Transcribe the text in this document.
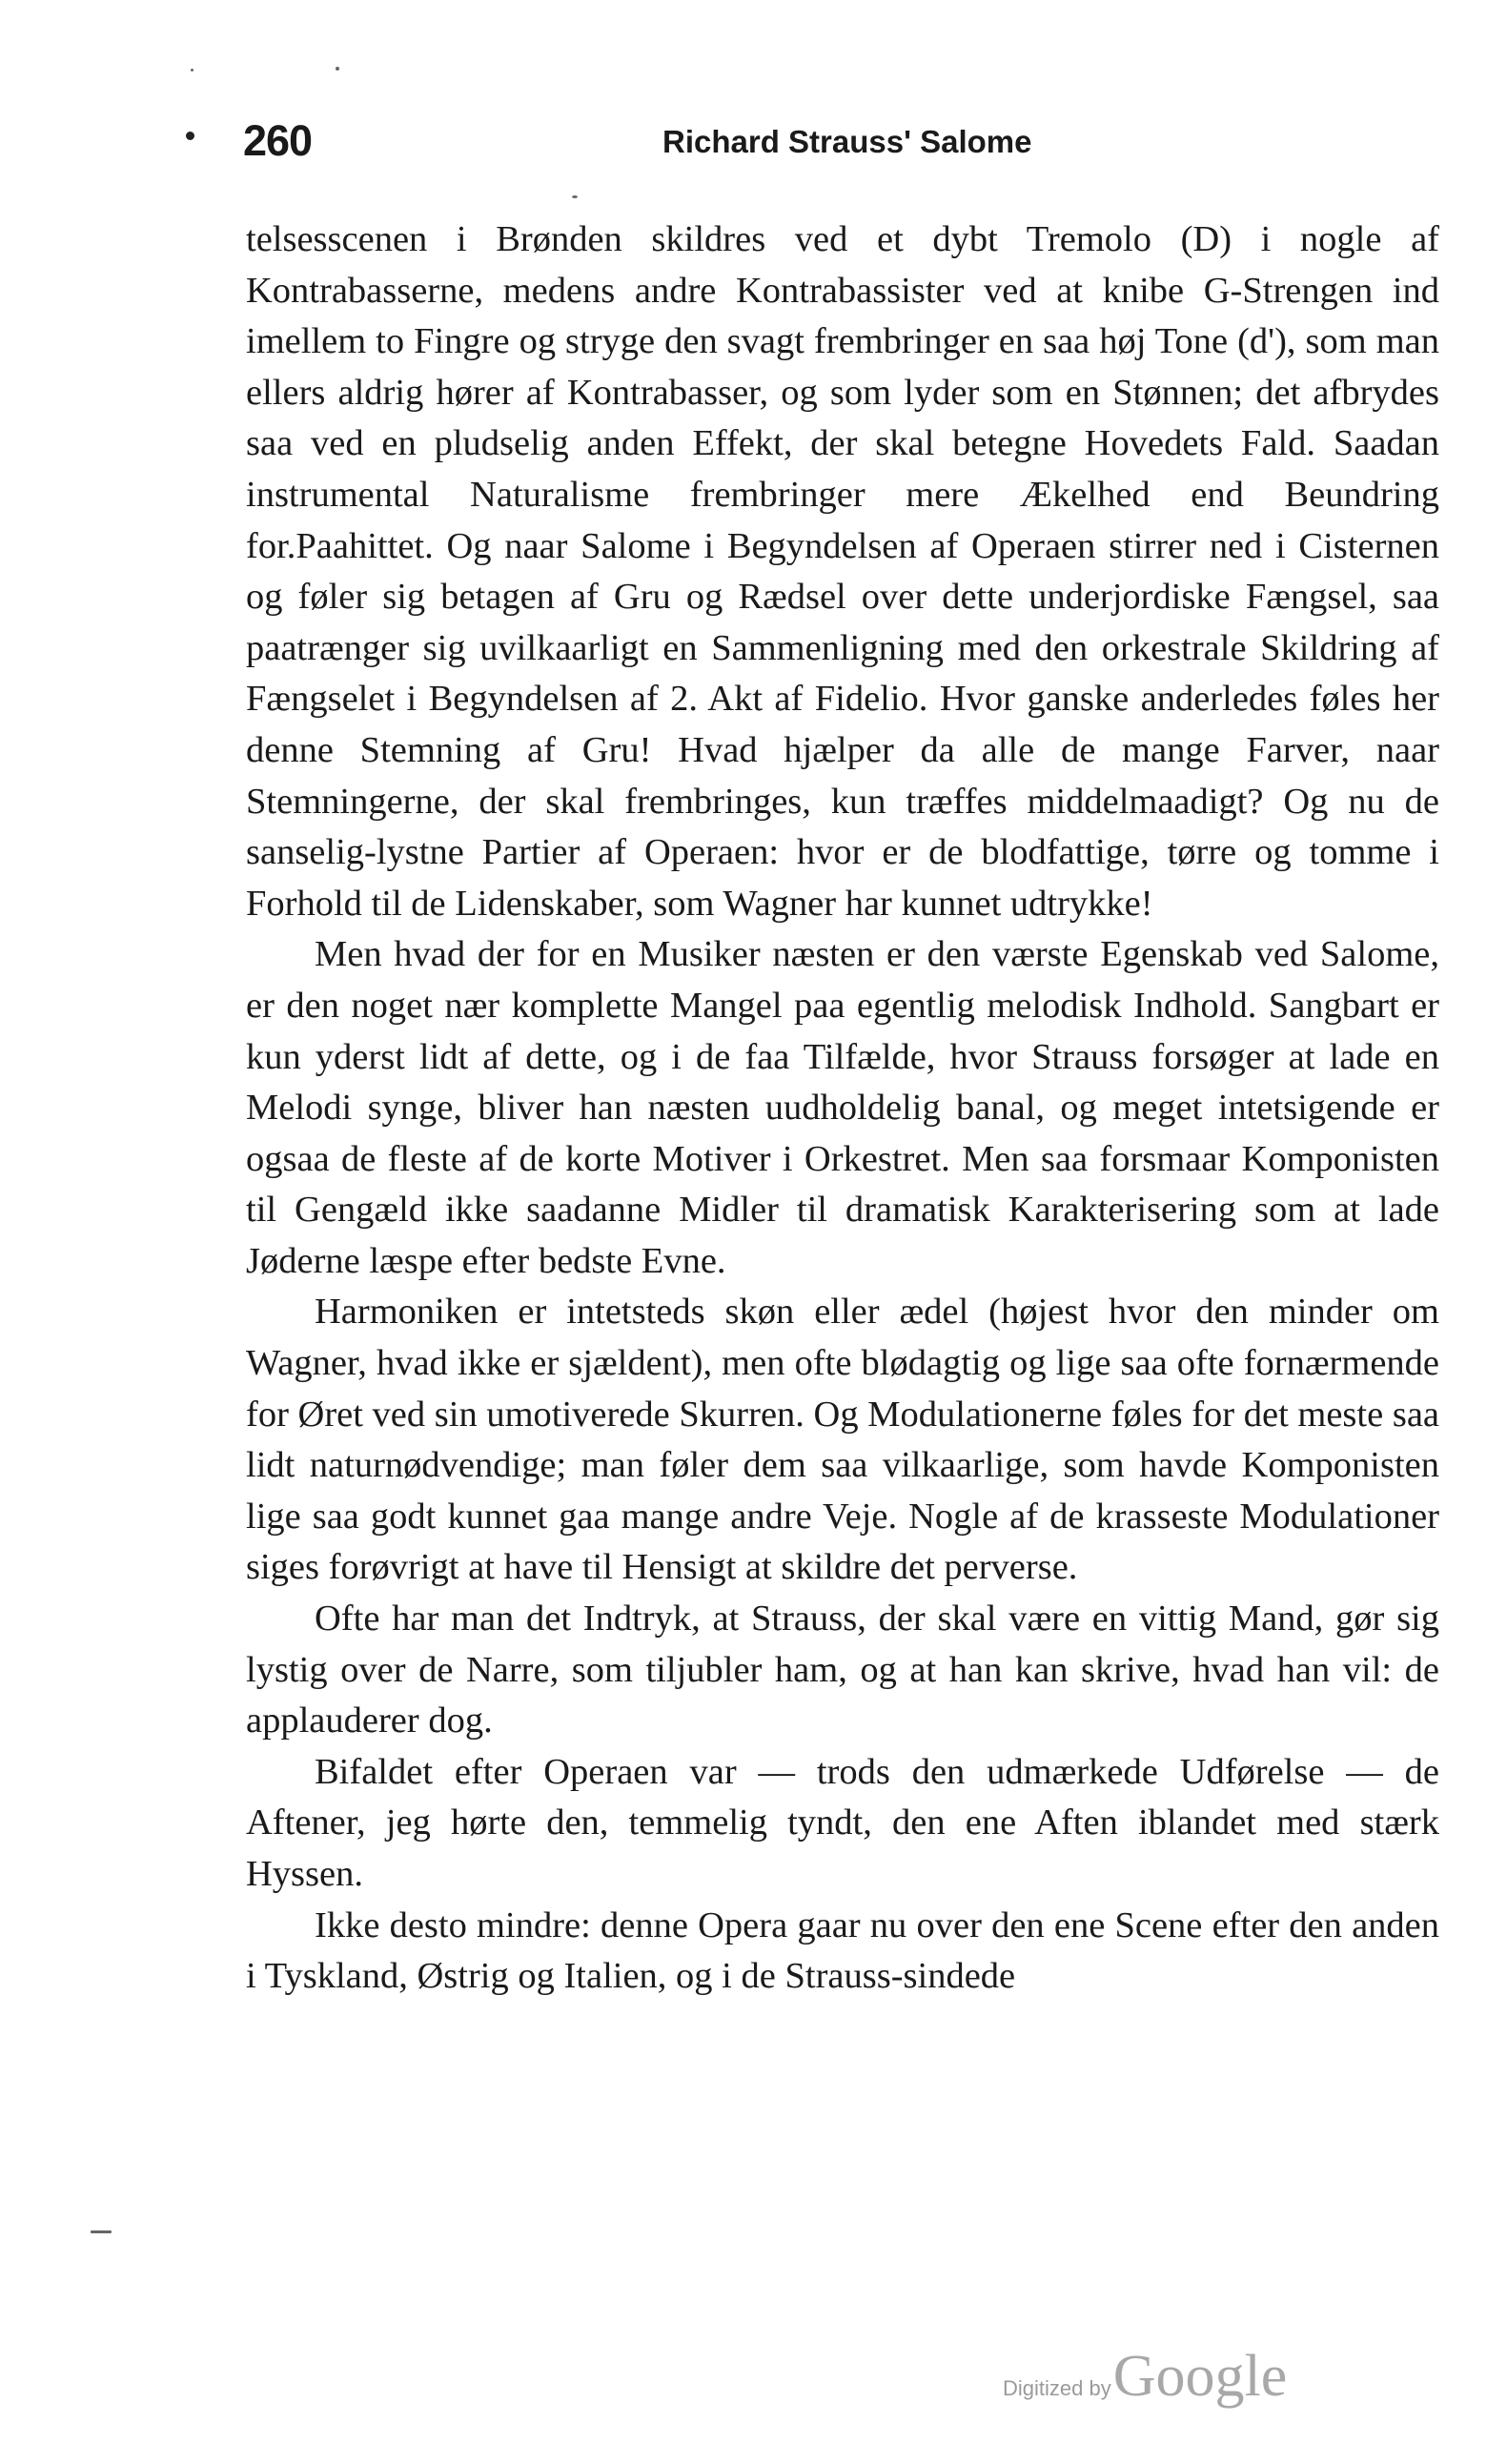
260	Richard Strauss' Salome

telsesscenen i Brønden skildres ved et dybt Tremolo (D) i nogle af Kontrabasserne, medens andre Kontrabassister ved at knibe G-Strengen ind imellem to Fingre og stryge den svagt frembringer en saa høj Tone (d'), som man ellers aldrig hører af Kontrabasser, og som lyder som en Stønnen; det afbrydes saa ved en pludselig anden Effekt, der skal betegne Hovedets Fald. Saadan instrumental Naturalisme frembringer mere Ækelhed end Beundring for.Paahittet. Og naar Salome i Begyndelsen af Operaen stirrer ned i Cisternen og føler sig betagen af Gru og Rædsel over dette underjordiske Fængsel, saa paatrænger sig uvilkaarligt en Sammenligning med den orkestrale Skildring af Fængselet i Begyndelsen af 2. Akt af Fidelio. Hvor ganske anderledes føles her denne Stemning af Gru! Hvad hjælper da alle de mange Farver, naar Stemningerne, der skal frembringes, kun træffes middelmaadigt? Og nu de sanselig-lystne Partier af Operaen: hvor er de blodfattige, tørre og tomme i Forhold til de Lidenskaber, som Wagner har kunnet udtrykke!

Men hvad der for en Musiker næsten er den værste Egenskab ved Salome, er den noget nær komplette Mangel paa egentlig melodisk Indhold. Sangbart er kun yderst lidt af dette, og i de faa Tilfælde, hvor Strauss forsøger at lade en Melodi synge, bliver han næsten uudholdelig banal, og meget intetsigende er ogsaa de fleste af de korte Motiver i Orkestret. Men saa forsmaar Komponisten til Gengæld ikke saadanne Midler til dramatisk Karakterisering som at lade Jøderne læspe efter bedste Evne.

Harmoniken er intetsteds skøn eller ædel (højest hvor den minder om Wagner, hvad ikke er sjældent), men ofte blødagtig og lige saa ofte fornærmende for Øret ved sin umotiverede Skurren. Og Modulationerne føles for det meste saa lidt naturnødvendige; man føler dem saa vilkaarlige, som havde Komponisten lige saa godt kunnet gaa mange andre Veje. Nogle af de krasseste Modulationer siges forøvrigt at have til Hensigt at skildre det perverse.

Ofte har man det Indtryk, at Strauss, der skal være en vittig Mand, gør sig lystig over de Narre, som tiljubler ham, og at han kan skrive, hvad han vil: de applauderer dog.

Bifaldet efter Operaen var — trods den udmærkede Udførelse — de Aftener, jeg hørte den, temmelig tyndt, den ene Aften iblandet med stærk Hyssen.

Ikke desto mindre: denne Opera gaar nu over den ene Scene efter den anden i Tyskland, Østrig og Italien, og i de Strauss-sindede

Digitized by Google
